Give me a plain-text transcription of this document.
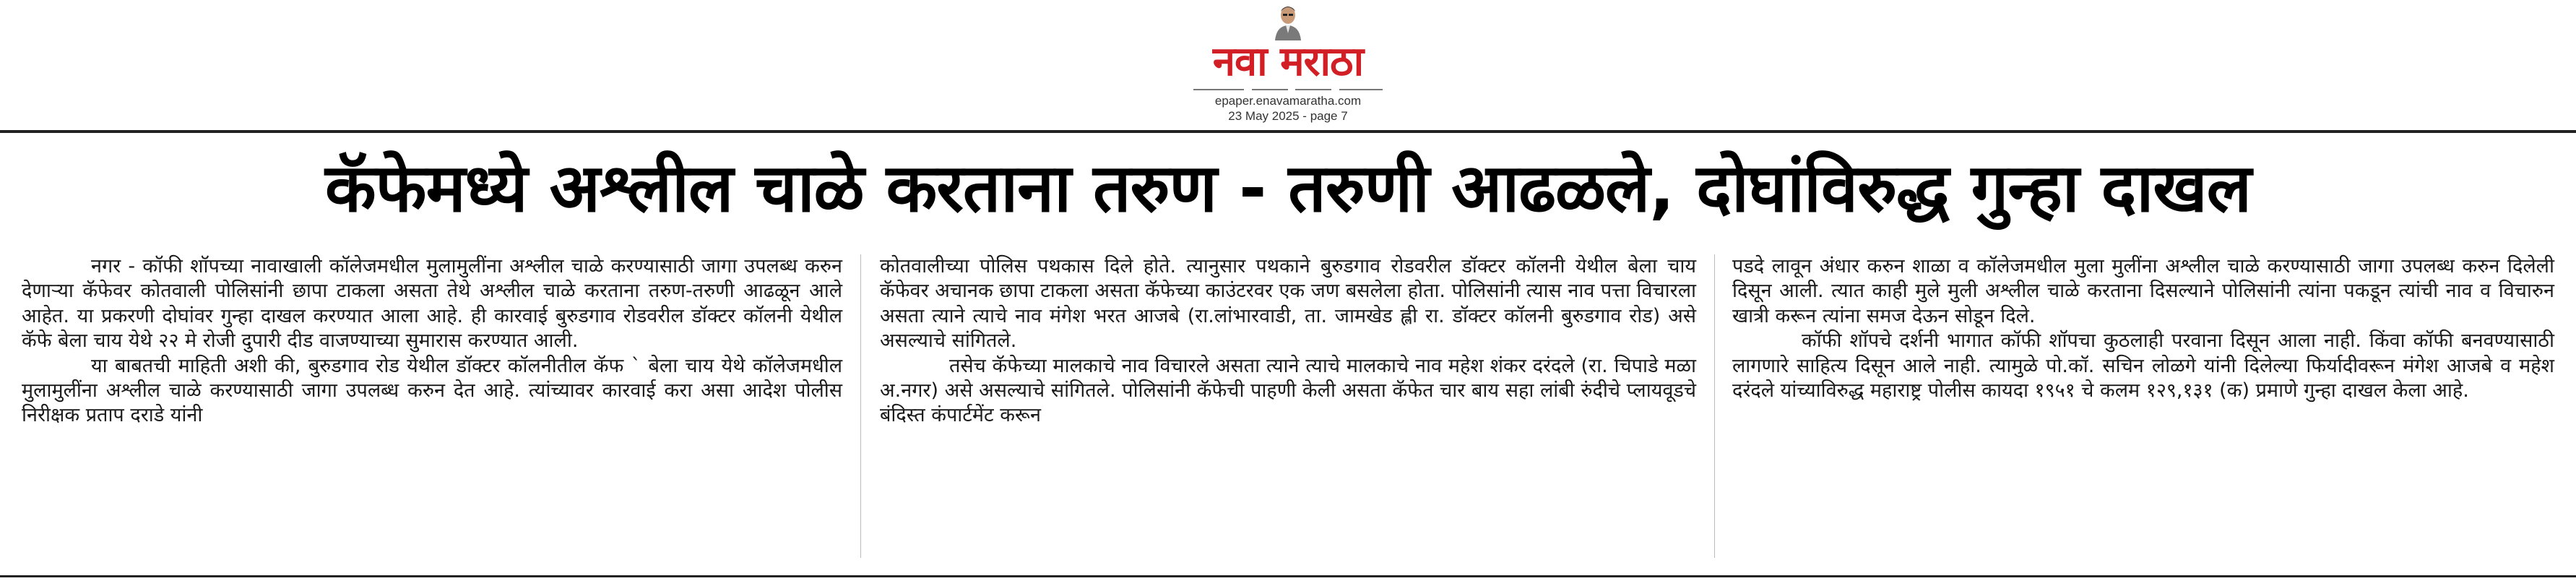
नवा मराठा
epaper.enavamaratha.com
23 May 2025 - page 7
कॅफेमध्ये अश्लील चाळे करताना तरुण - तरुणी आढळले, दोघांविरुद्ध गुन्हा दाखल

नगर - कॉफी शॉपच्या नावाखाली कॉलेजमधील मुलामुलींना अश्लील चाळे करण्यासाठी जागा उपलब्ध करुन देणाऱ्या कॅफेवर कोतवाली पोलिसांनी छापा टाकला असता तेथे अश्लील चाळे करताना तरुण-तरुणी आढळून आले आहेत. या प्रकरणी दोघांवर गुन्हा दाखल करण्यात आला आहे. ही कारवाई बुरुडगाव रोडवरील डॉक्टर कॉलनी येथील कॅफे बेला चाय येथे २२ मे रोजी दुपारी दीड वाजण्याच्या सुमारास करण्यात आली.

या बाबतची माहिती अशी की, बुरुडगाव रोड येथील डॉक्टर कॉलनीतील कॅफ ` बेला चाय येथे कॉलेजमधील मुलामुलींना अश्लील चाळे करण्यासाठी जागा उपलब्ध करुन देत आहे. त्यांच्यावर कारवाई करा असा आदेश पोलीस निरीक्षक प्रताप दराडे यांनी

कोतवालीच्या पोलिस पथकास दिले होते. त्यानुसार पथकाने बुरुडगाव रोडवरील डॉक्टर कॉलनी येथील बेला चाय कॅफेवर अचानक छापा टाकला असता कॅफेच्या काउंटरवर एक जण बसलेला होता. पोलिसांनी त्यास नाव पत्ता विचारला असता त्याने त्याचे नाव मंगेश भरत आजबे (रा.लांभारवाडी, ता. जामखेड ह्ली रा. डॉक्टर कॉलनी बुरुडगाव रोड) असे असल्याचे सांगितले.

तसेच कॅफेच्या मालकाचे नाव विचारले असता त्याने त्याचे मालकाचे नाव महेश शंकर दरंदले (रा. चिपाडे मळा अ.नगर) असे असल्याचे सांगितले. पोलिसांनी कॅफेची पाहणी केली असता कॅफेत चार बाय सहा लांबी रुंदीचे प्लायवूडचे बंदिस्त कंपार्टमेंट करून

पडदे लावून अंधार करुन शाळा व कॉलेजमधील मुला मुलींना अश्लील चाळे करण्यासाठी जागा उपलब्ध करुन दिलेली दिसून आली. त्यात काही मुले मुली अश्लील चाळे करताना दिसल्याने पोलिसांनी त्यांना पकडून त्यांची नाव व विचारुन खात्री करून त्यांना समज देऊन सोडून दिले.

कॉफी शॉपचे दर्शनी भागात कॉफी शॉपचा कुठलाही परवाना दिसून आला नाही. किंवा कॉफी बनवण्यासाठी लागणारे साहित्य दिसून आले नाही. त्यामुळे पो.कॉ. सचिन लोळगे यांनी दिलेल्या फिर्यादीवरून मंगेश आजबे व महेश दरंदले यांच्याविरुद्ध महाराष्ट्र पोलीस कायदा १९५१ चे कलम १२९,१३१ (क) प्रमाणे गुन्हा दाखल केला आहे.
